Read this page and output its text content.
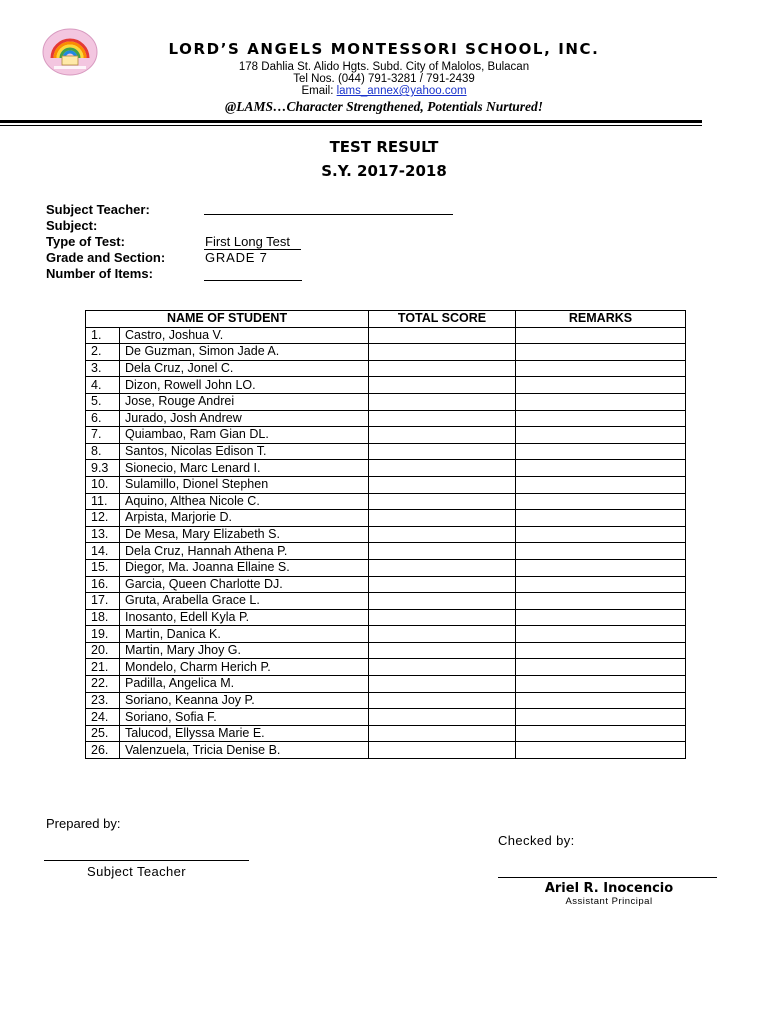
LORD’S ANGELS MONTESSORI SCHOOL, INC.
178 Dahlia St. Alido Hgts. Subd. City of Malolos, Bulacan
Tel Nos. (044) 791-3281 / 791-2439
Email: lams_annex@yahoo.com
@LAMS…Character Strengthened, Potentials Nurtured!
TEST RESULT
S.Y. 2017-2018
Subject Teacher:
Subject:
Type of Test:	First Long Test
Grade and Section:	GRADE 7
Number of Items:
NAME OF STUDENT		TOTAL SCORE	REMARKS
1.	Castro, Joshua V.		
2.	De Guzman, Simon Jade A.		
3.	Dela Cruz, Jonel C.		
4.	Dizon, Rowell John LO.		
5.	Jose, Rouge Andrei		
6.	Jurado, Josh Andrew		
7.	Quiambao, Ram Gian DL.		
8.	Santos, Nicolas Edison T.		
9.3	Sionecio, Marc Lenard I.		
10.	Sulamillo, Dionel Stephen		
11.	Aquino, Althea Nicole C.		
12.	Arpista, Marjorie D.		
13.	De Mesa, Mary Elizabeth S.		
14.	Dela Cruz, Hannah Athena P.		
15.	Diegor, Ma. Joanna Ellaine S.		
16.	Garcia, Queen Charlotte DJ.		
17.	Gruta, Arabella Grace L.		
18.	Inosanto, Edell Kyla P.		
19.	Martin, Danica K.		
20.	Martin, Mary Jhoy G.		
21.	Mondelo, Charm Herich P.		
22.	Padilla, Angelica M.		
23.	Soriano, Keanna Joy P.		
24.	Soriano, Sofia F.		
25.	Talucod, Ellyssa Marie E.		
26.	Valenzuela, Tricia Denise B.		
Prepared by:
Subject Teacher
Checked by:
Ariel R. Inocencio
Assistant Principal
